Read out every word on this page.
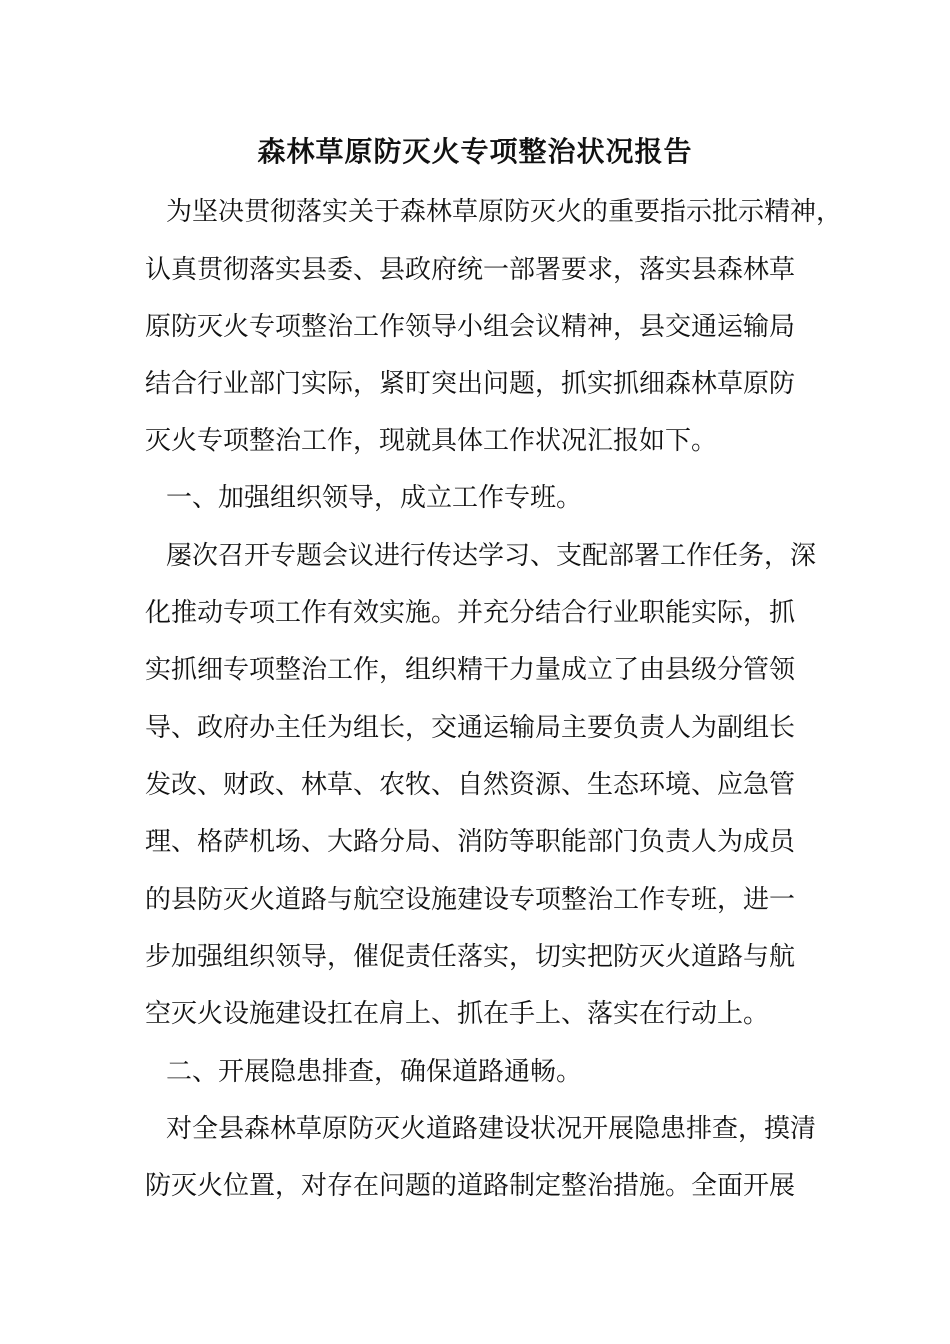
森林草原防灭火专项整治状况报告
为坚决贯彻落实关于森林草原防灭火的重要指示批示精神，
认真贯彻落实县委、县政府统一部署要求，落实县森林草
原防灭火专项整治工作领导小组会议精神，县交通运输局
结合行业部门实际，紧盯突出问题，抓实抓细森林草原防
灭火专项整治工作，现就具体工作状况汇报如下。
一、加强组织领导，成立工作专班。
屡次召开专题会议进行传达学习、支配部署工作任务，深
化推动专项工作有效实施。并充分结合行业职能实际，抓
实抓细专项整治工作，组织精干力量成立了由县级分管领
导、政府办主任为组长，交通运输局主要负责人为副组长
发改、财政、林草、农牧、自然资源、生态环境、应急管
理、格萨机场、大路分局、消防等职能部门负责人为成员
的县防灭火道路与航空设施建设专项整治工作专班，进一
步加强组织领导，催促责任落实，切实把防灭火道路与航
空灭火设施建设扛在肩上、抓在手上、落实在行动上。
二、开展隐患排查，确保道路通畅。
对全县森林草原防灭火道路建设状况开展隐患排查，摸清
防灭火位置，对存在问题的道路制定整治措施。全面开展
